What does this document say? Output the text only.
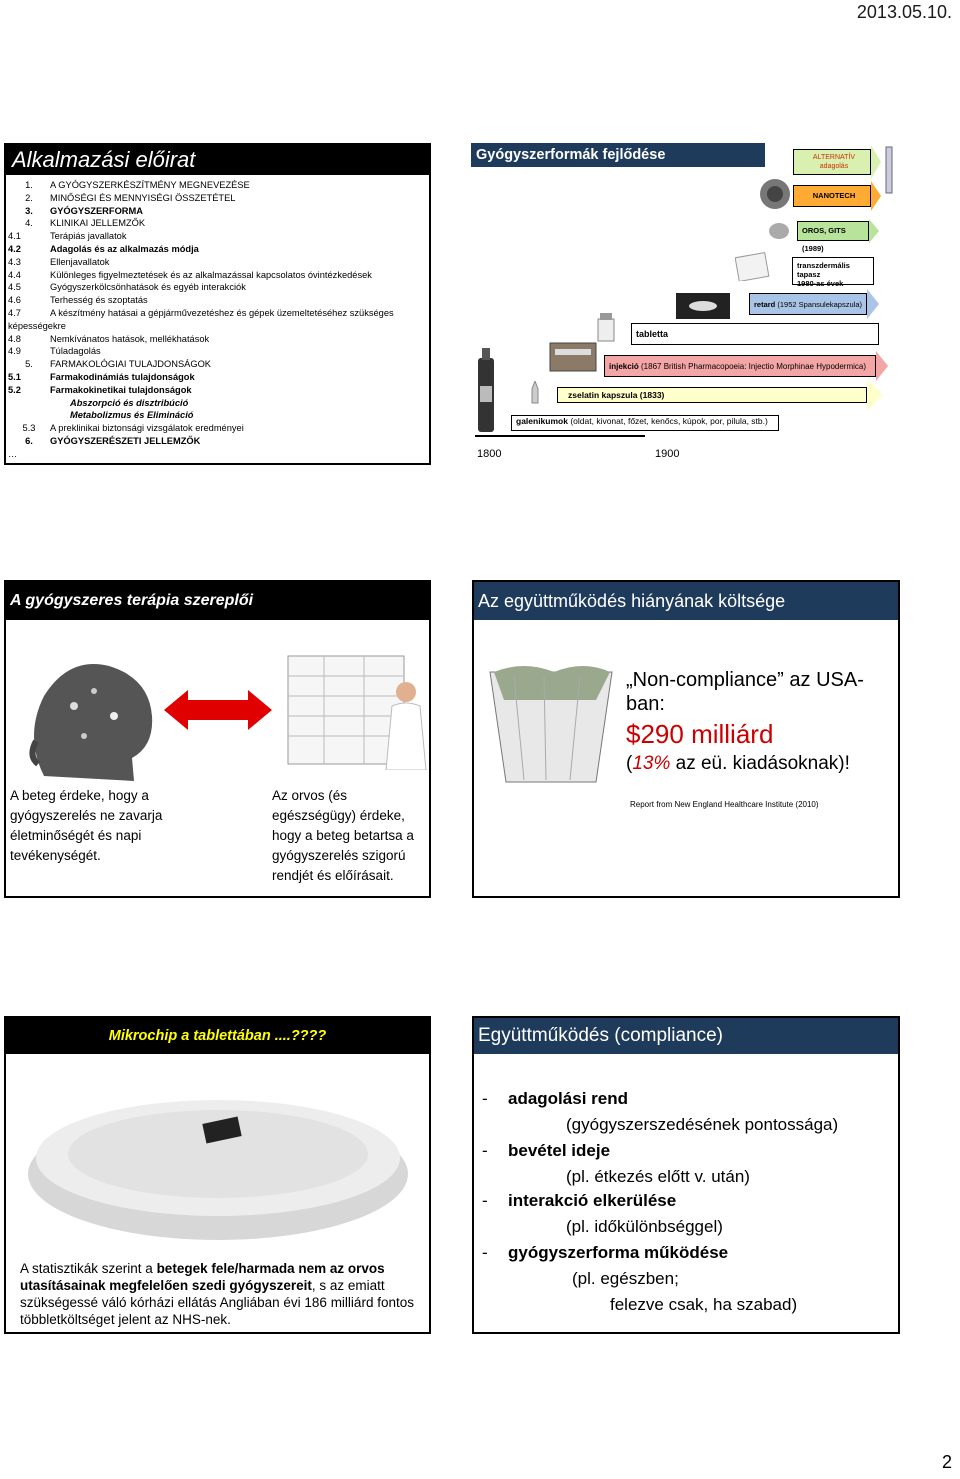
2013.05.10.
Alkalmazási előirat
1.	A GYÓGYSZERKÉSZÍTMÉNY MEGNEVEZÉSE
2.	MINŐSÉGI ÉS MENNYISÉGI ÖSSZETÉTEL
3.	GYÓGYSZERFORMA
4.	KLINIKAI JELLEMZŐK
4.1	Terápiás javallatok
4.2	Adagolás és az alkalmazás módja
4.3	Ellenjavallatok
4.4	Különleges figyelmeztetések és az alkalmazással kapcsolatos óvintézkedések
4.5	Gyógyszerkölcsönhatások és egyéb interakciók
4.6	Terhesség és szoptatás
4.7	A készítmény hatásai a gépjárművezetéshez és gépek üzemeltetéséhez szükséges
képességekre
4.8	Nemkívánatos hatások, mellékhatások
4.9	Túladagolás
5.	FARMAKOLÓGIAI TULAJDONSÁGOK
5.1	Farmakodinámiás tulajdonságok
5.2	Farmakokinetikai tulajdonságok
Abszorpció és disztribúció
Metabolizmus és Elimináció
5.3	A preklinikai biztonsági vizsgálatok eredményei
6.	GYÓGYSZERÉSZETI JELLEMZŐK
…
Gyógyszerformák fejlődése
1800	1900
galenikumok (oldat, kivonat, főzet, kenőcs, kúpok, por, pilula, stb.)
zselatin kapszula (1833)
injekció (1867 British Pharmacopoeia: Injectio Morphinae Hypodermica)
tabletta
retard (1952 Spansulekapszula)
transzdermális tapasz
1980-as évek
OROS, GITS (1989)
NANOTECH
ALTERNATÍV
adagolás
A gyógyszeres terápia szereplői
A beteg érdeke, hogy a gyógyszerelés ne zavarja életminőségét és napi tevékenységét.
Az orvos (és egészségügy) érdeke, hogy a beteg betartsa a gyógyszerelés szigorú rendjét és előírásait.
Az együttműködés hiányának költsége
„Non-compliance” az USA-
ban:
$290 milliárd
(13% az eü. kiadásoknak)!
Report from New England Healthcare Institute (2010)
Mikrochip a tablettában ....????
A statisztikák szerint a betegek fele/harmada nem az orvos utasításainak megfelelően szedi gyógyszereit, s az emiatt szükségessé váló kórházi ellátás Angliában évi 186 milliárd fontos többletköltséget jelent az NHS-nek.
Együttműködés (compliance)
- adagolási rend
(gyógyszerszedésének pontossága)
- bevétel ideje
(pl. étkezés előtt v. után)
- interakció elkerülése
(pl. időkülönbséggel)
- gyógyszerforma működése
(pl. egészben;
felezve csak, ha szabad)
2
